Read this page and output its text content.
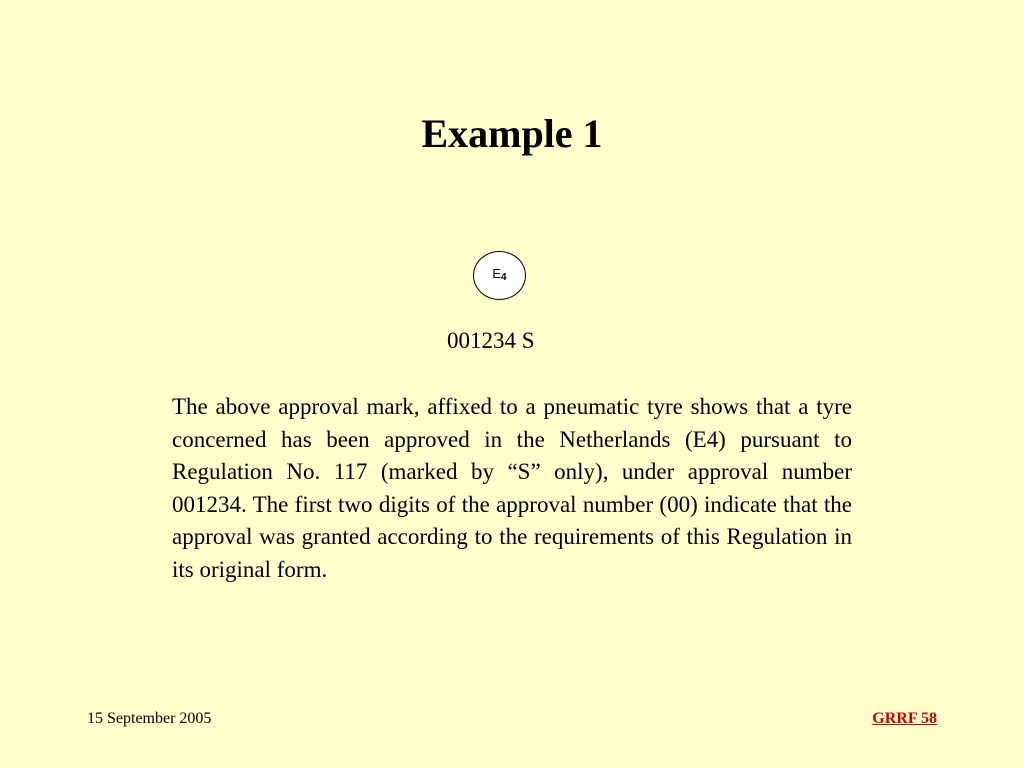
Example 1
E4
001234 S

The above approval mark, affixed to a pneumatic tyre shows that a tyre concerned has been approved in the Netherlands (E4) pursuant to Regulation No. 117 (marked by “S” only), under approval number 001234. The first two digits of the approval number (00) indicate that the approval was granted according to the requirements of this Regulation in its original form.

15 September 2005	GRRF 58
